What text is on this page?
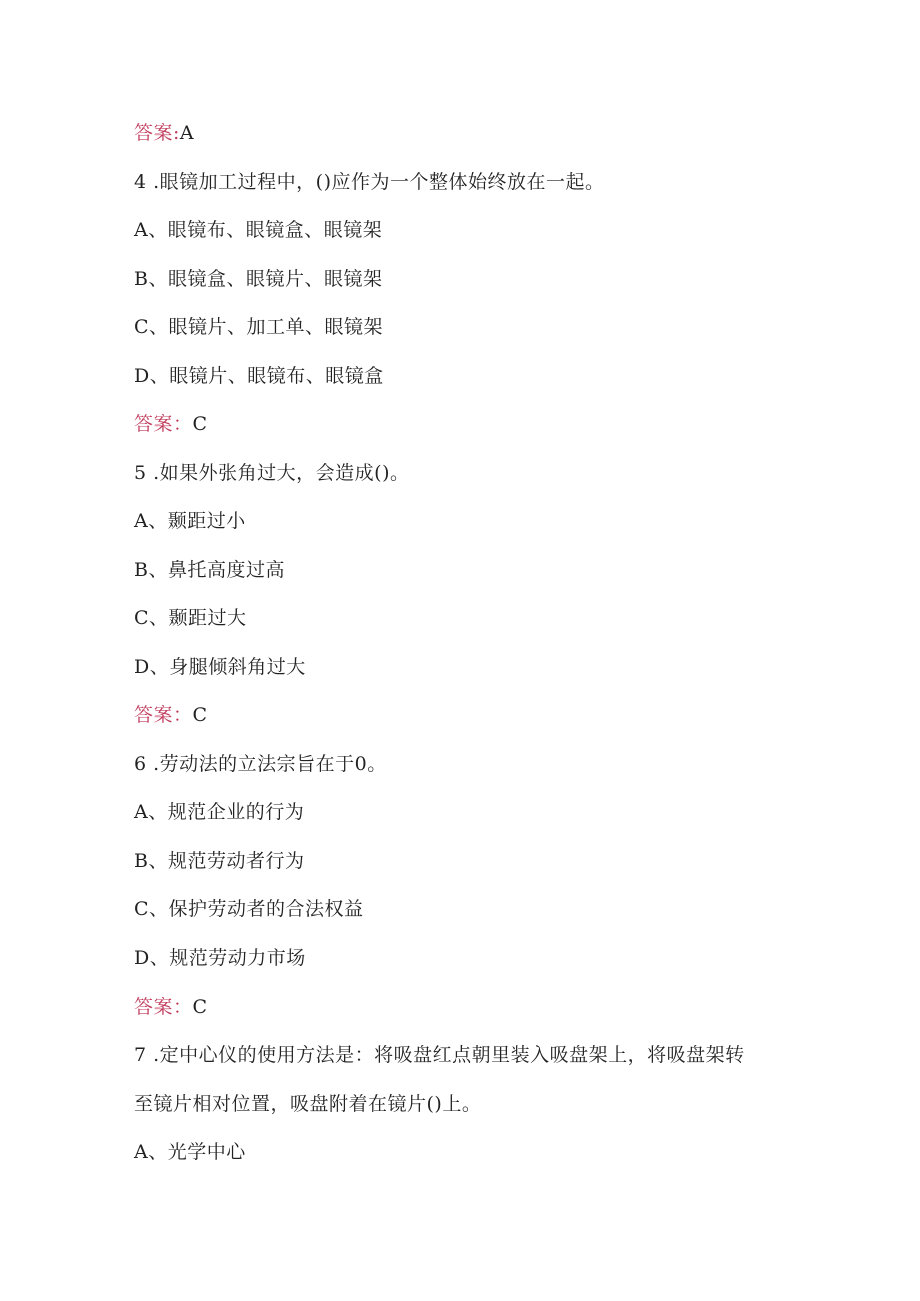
答案:A
4 .眼镜加工过程中，()应作为一个整体始终放在一起。
A、眼镜布、眼镜盒、眼镜架
B、眼镜盒、眼镜片、眼镜架
C、眼镜片、加工单、眼镜架
D、眼镜片、眼镜布、眼镜盒
答案：C
5 .如果外张角过大，会造成()。
A、颞距过小
B、鼻托高度过高
C、颞距过大
D、身腿倾斜角过大
答案：C
6 .劳动法的立法宗旨在于0。
A、规范企业的行为
B、规范劳动者行为
C、保护劳动者的合法权益
D、规范劳动力市场
答案：C
7 .定中心仪的使用方法是：将吸盘红点朝里装入吸盘架上，将吸盘架转
至镜片相对位置，吸盘附着在镜片()上。
A、光学中心
